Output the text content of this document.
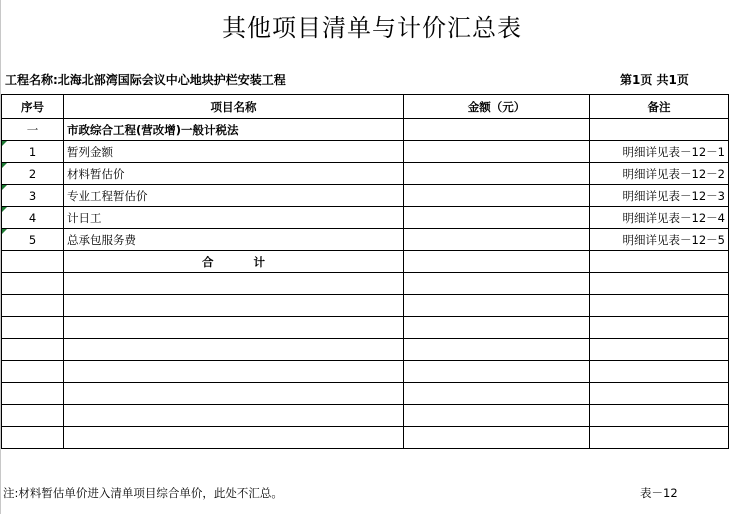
其他项目清单与计价汇总表
工程名称:北海北部湾国际会议中心地块护栏安装工程	第1页 共1页
序号	项目名称	金额（元）	备注
一	市政综合工程(营改增)一般计税法		

1	暂列金额		明细详见表－12－1

2	材料暂估价		明细详见表－12－2

3	专业工程暂估价		明细详见表－12－3

4	计日工		明细详见表－12－4

5	总承包服务费		明细详见表－12－5
	合          计		

注:材料暂估单价进入清单项目综合单价，此处不汇总。	表－12
